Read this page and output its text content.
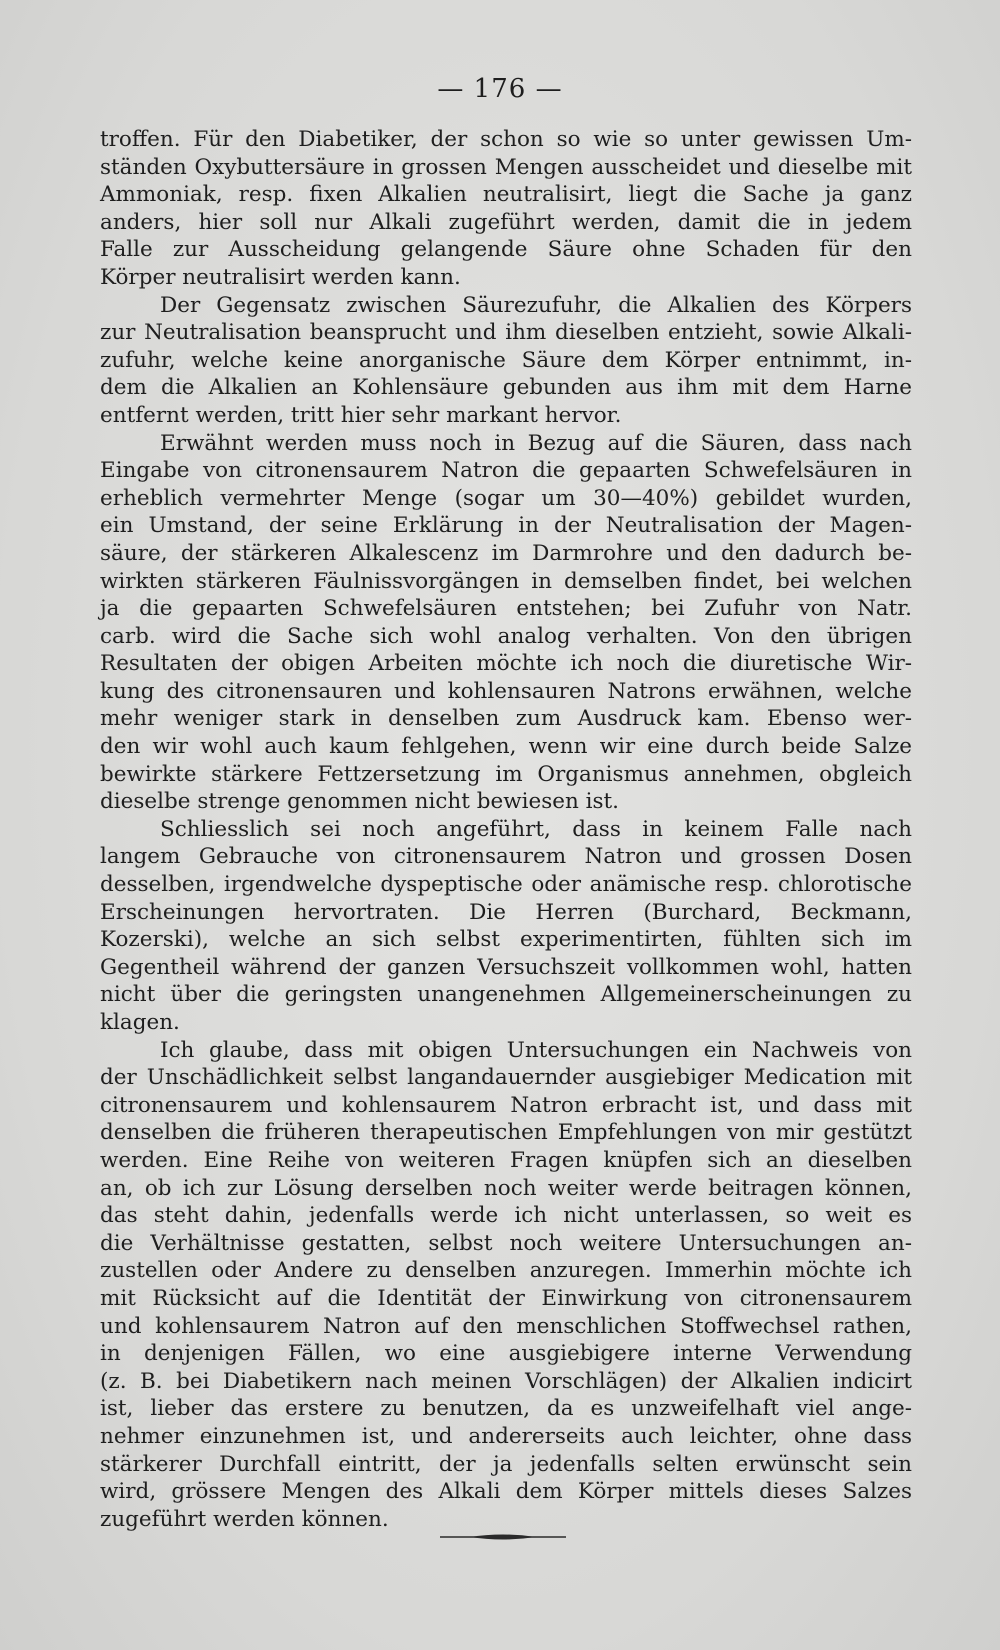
— 176 —
troffen. Für den Diabetiker, der schon so wie so unter gewissen Um-
ständen Oxybuttersäure in grossen Mengen ausscheidet und dieselbe mit
Ammoniak, resp. fixen Alkalien neutralisirt, liegt die Sache ja ganz
anders, hier soll nur Alkali zugeführt werden, damit die in jedem
Falle zur Ausscheidung gelangende Säure ohne Schaden für den
Körper neutralisirt werden kann.
Der Gegensatz zwischen Säurezufuhr, die Alkalien des Körpers
zur Neutralisation beansprucht und ihm dieselben entzieht, sowie Alkali-
zufuhr, welche keine anorganische Säure dem Körper entnimmt, in-
dem die Alkalien an Kohlensäure gebunden aus ihm mit dem Harne
entfernt werden, tritt hier sehr markant hervor.
Erwähnt werden muss noch in Bezug auf die Säuren, dass nach
Eingabe von citronensaurem Natron die gepaarten Schwefelsäuren in
erheblich vermehrter Menge (sogar um 30—40%) gebildet wurden,
ein Umstand, der seine Erklärung in der Neutralisation der Magen-
säure, der stärkeren Alkalescenz im Darmrohre und den dadurch be-
wirkten stärkeren Fäulnissvorgängen in demselben findet, bei welchen
ja die gepaarten Schwefelsäuren entstehen; bei Zufuhr von Natr.
carb. wird die Sache sich wohl analog verhalten. Von den übrigen
Resultaten der obigen Arbeiten möchte ich noch die diuretische Wir-
kung des citronensauren und kohlensauren Natrons erwähnen, welche
mehr weniger stark in denselben zum Ausdruck kam. Ebenso wer-
den wir wohl auch kaum fehlgehen, wenn wir eine durch beide Salze
bewirkte stärkere Fettzersetzung im Organismus annehmen, obgleich
dieselbe strenge genommen nicht bewiesen ist.
Schliesslich sei noch angeführt, dass in keinem Falle nach
langem Gebrauche von citronensaurem Natron und grossen Dosen
desselben, irgendwelche dyspeptische oder anämische resp. chlorotische
Erscheinungen hervortraten. Die Herren (Burchard, Beckmann,
Kozerski), welche an sich selbst experimentirten, fühlten sich im
Gegentheil während der ganzen Versuchszeit vollkommen wohl, hatten
nicht über die geringsten unangenehmen Allgemeinerscheinungen zu
klagen.
Ich glaube, dass mit obigen Untersuchungen ein Nachweis von
der Unschädlichkeit selbst langandauernder ausgiebiger Medication mit
citronensaurem und kohlensaurem Natron erbracht ist, und dass mit
denselben die früheren therapeutischen Empfehlungen von mir gestützt
werden. Eine Reihe von weiteren Fragen knüpfen sich an dieselben
an, ob ich zur Lösung derselben noch weiter werde beitragen können,
das steht dahin, jedenfalls werde ich nicht unterlassen, so weit es
die Verhältnisse gestatten, selbst noch weitere Untersuchungen an-
zustellen oder Andere zu denselben anzuregen. Immerhin möchte ich
mit Rücksicht auf die Identität der Einwirkung von citronensaurem
und kohlensaurem Natron auf den menschlichen Stoffwechsel rathen,
in denjenigen Fällen, wo eine ausgiebigere interne Verwendung
(z. B. bei Diabetikern nach meinen Vorschlägen) der Alkalien indicirt
ist, lieber das erstere zu benutzen, da es unzweifelhaft viel ange-
nehmer einzunehmen ist, und andererseits auch leichter, ohne dass
stärkerer Durchfall eintritt, der ja jedenfalls selten erwünscht sein
wird, grössere Mengen des Alkali dem Körper mittels dieses Salzes
zugeführt werden können.
